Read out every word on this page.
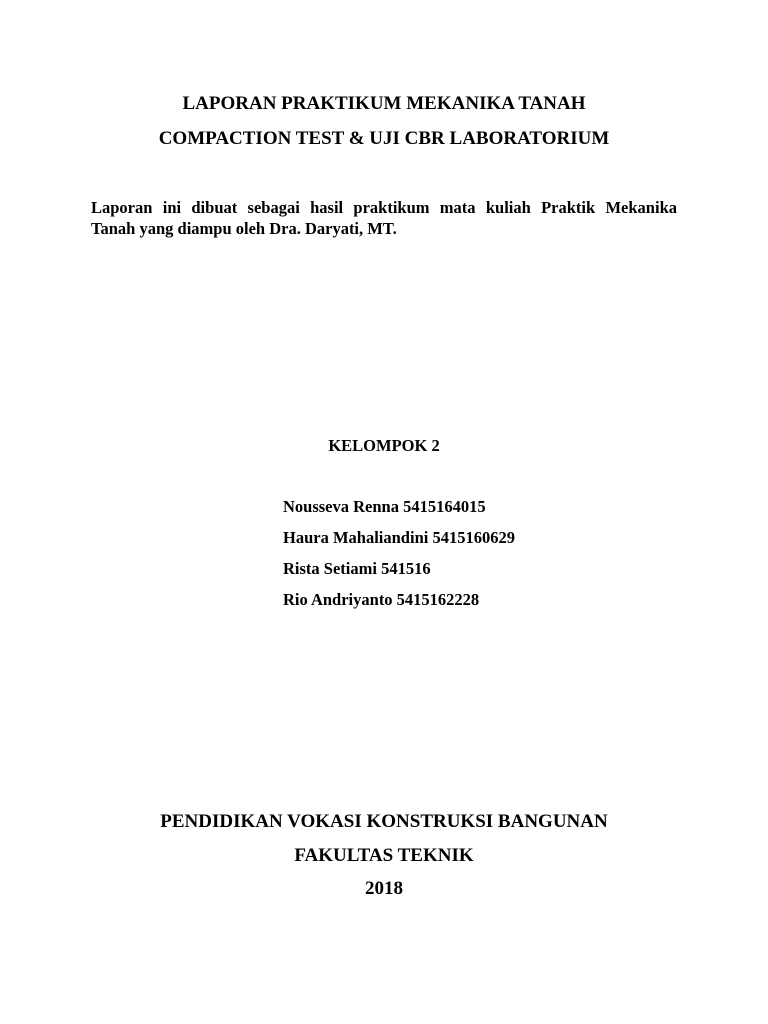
LAPORAN PRAKTIKUM MEKANIKA TANAH
COMPACTION TEST & UJI CBR LABORATORIUM
Laporan ini dibuat sebagai hasil praktikum mata kuliah Praktik Mekanika
Tanah yang diampu oleh Dra. Daryati, MT.
KELOMPOK 2
Nousseva Renna 5415164015
Haura Mahaliandini 5415160629
Rista Setiami 541516
Rio Andriyanto 5415162228
PENDIDIKAN VOKASI KONSTRUKSI BANGUNAN
FAKULTAS TEKNIK
2018
